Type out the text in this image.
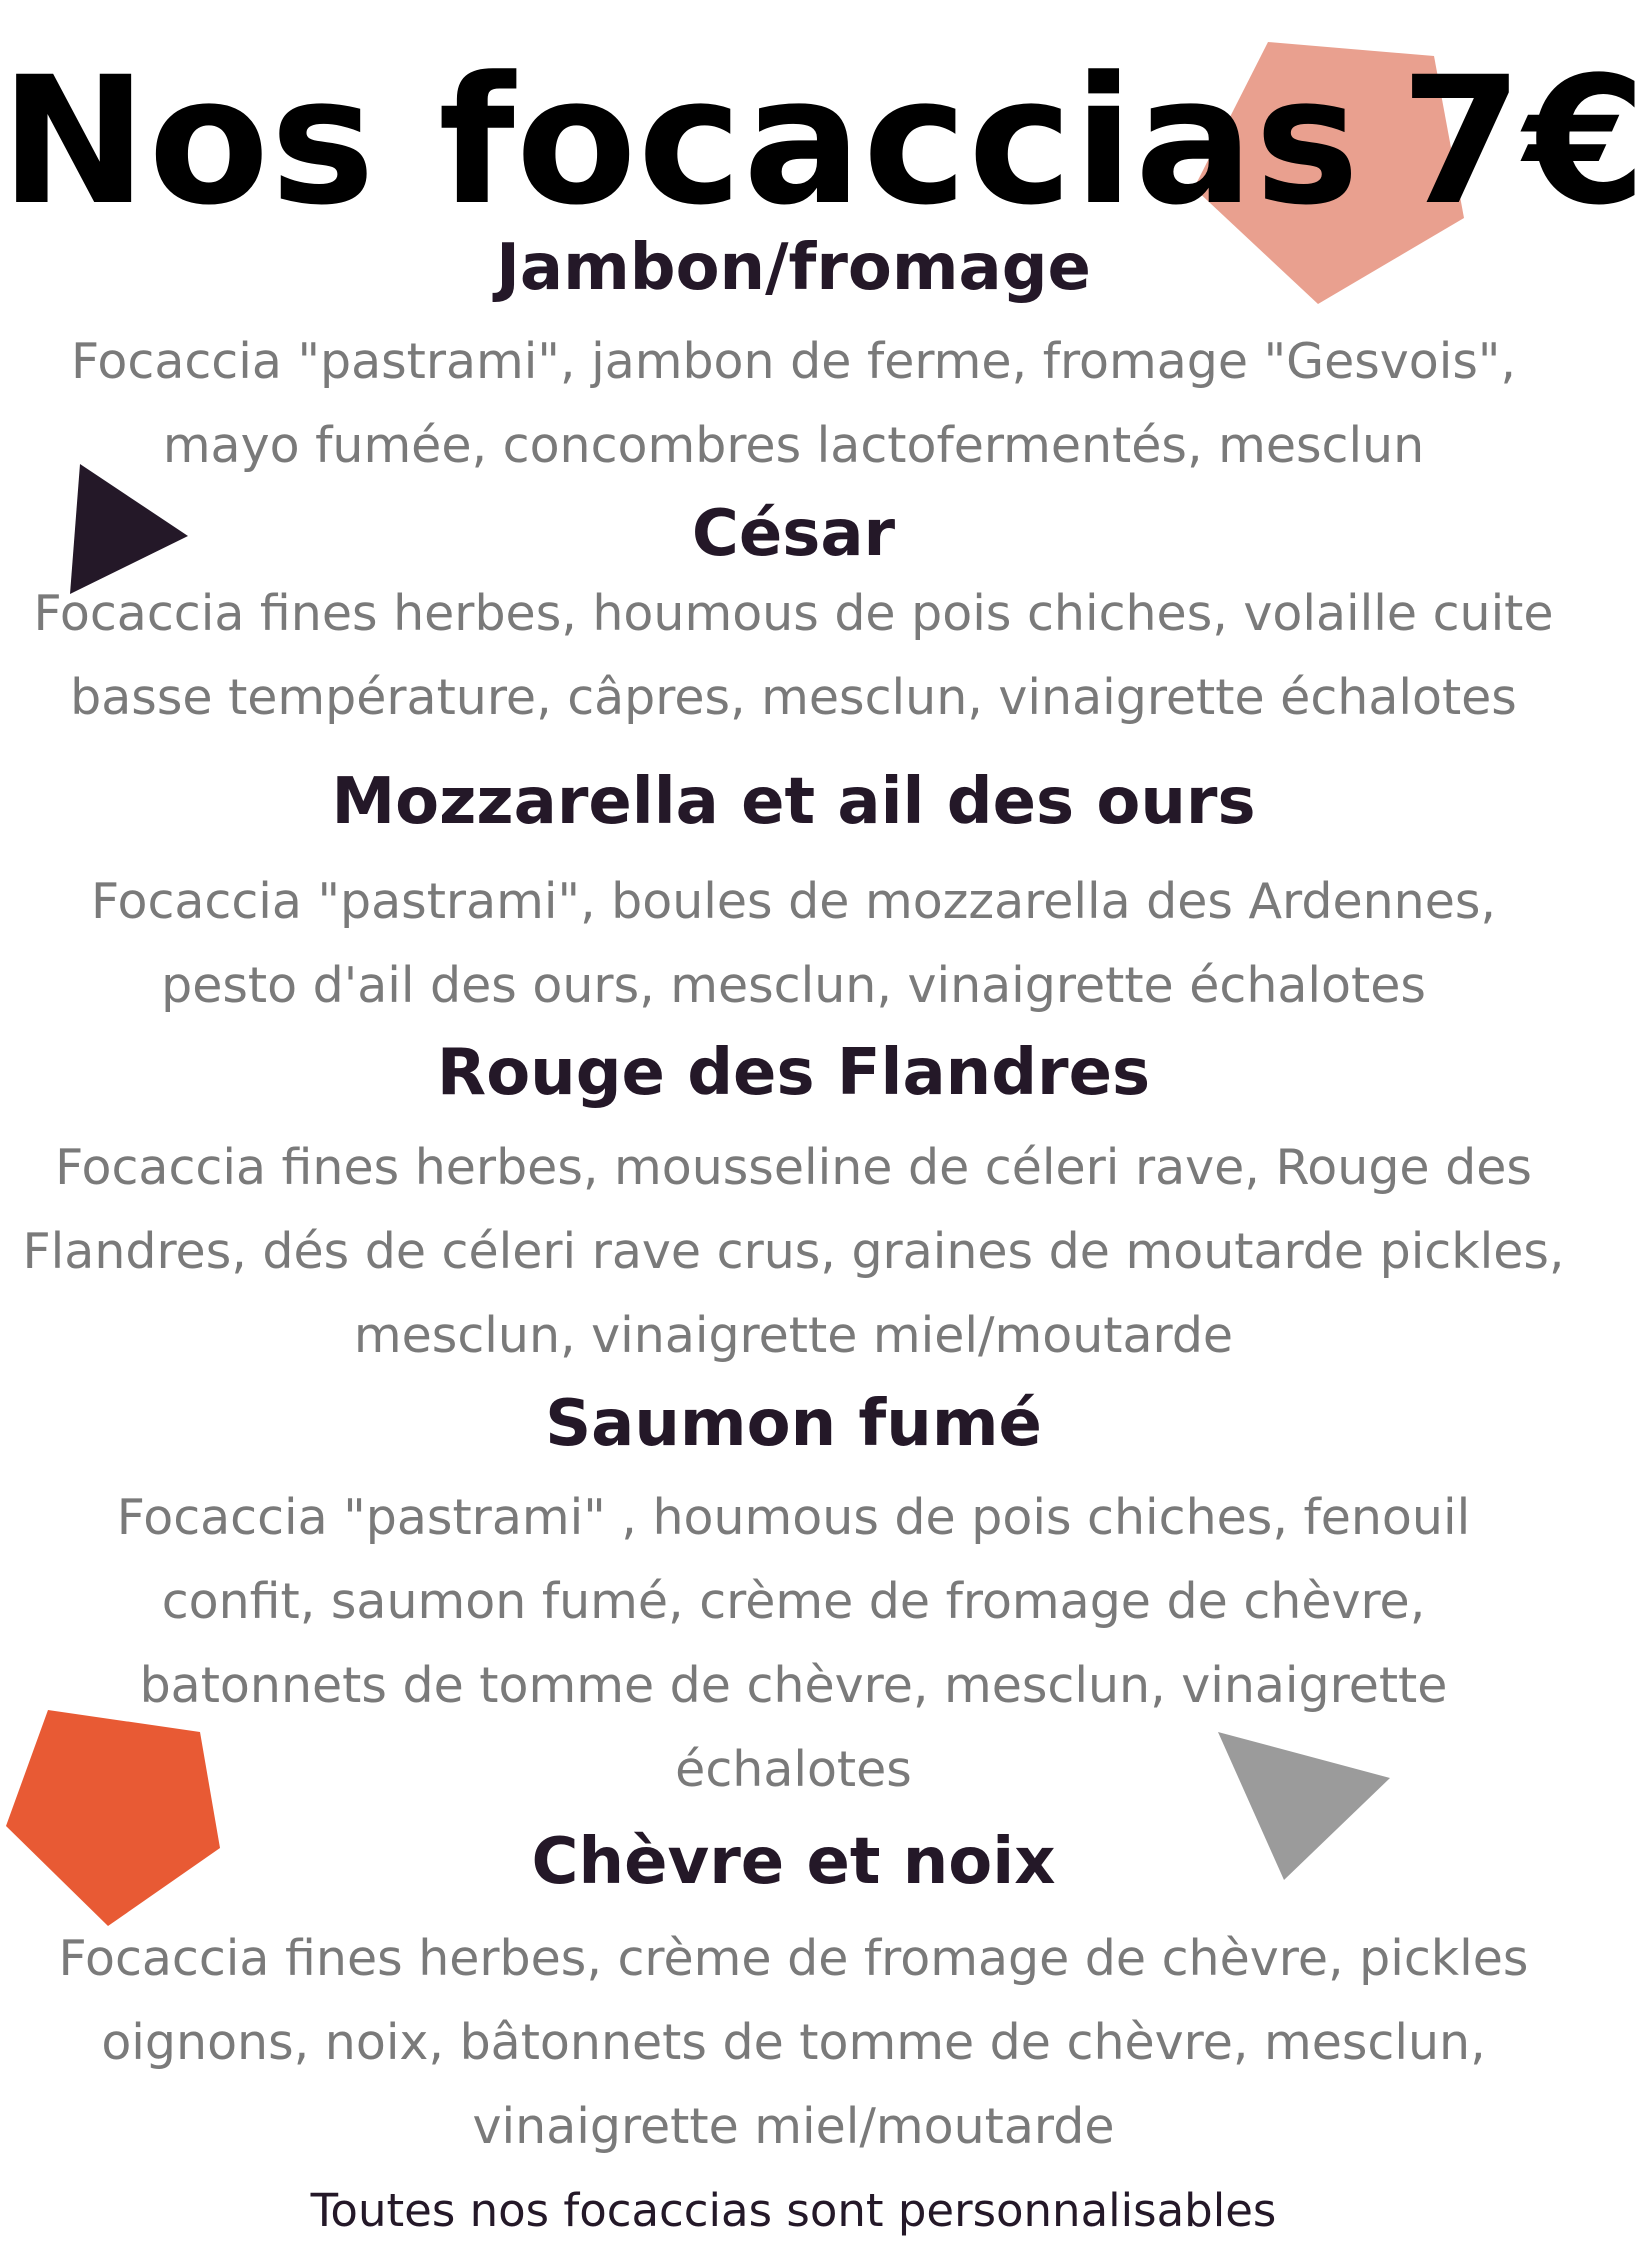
Nos focaccias 7€
Jambon/fromage

Focaccia "pastrami", jambon de ferme, fromage "Gesvois",
mayo fumée, concombres lactofermentés, mesclun

César

Focaccia fines herbes, houmous de pois chiches, volaille cuite
basse température, câpres, mesclun, vinaigrette échalotes

Mozzarella et ail des ours

Focaccia "pastrami", boules de mozzarella des Ardennes,
pesto d'ail des ours, mesclun, vinaigrette échalotes

Rouge des Flandres

Focaccia fines herbes, mousseline de céleri rave, Rouge des
Flandres, dés de céleri rave crus, graines de moutarde pickles,
mesclun, vinaigrette miel/moutarde

Saumon fumé

Focaccia "pastrami" , houmous de pois chiches, fenouil
confit, saumon fumé, crème de fromage de chèvre,
batonnets de tomme de chèvre, mesclun, vinaigrette
échalotes

Chèvre et noix

Focaccia fines herbes, crème de fromage de chèvre, pickles
oignons, noix, bâtonnets de tomme de chèvre, mesclun,
vinaigrette miel/moutarde

Toutes nos focaccias sont personnalisables
